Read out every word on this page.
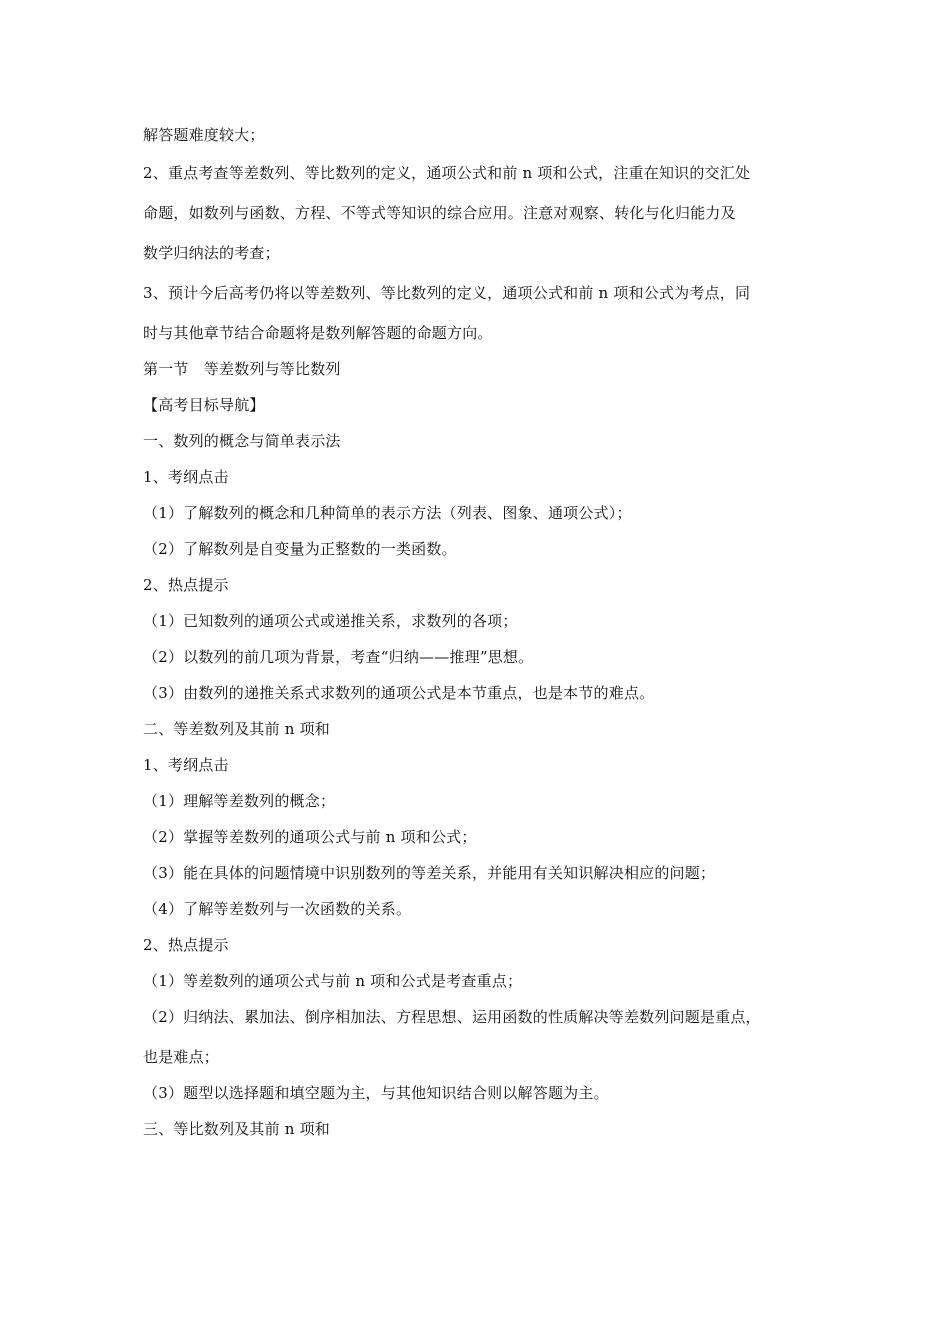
解答题难度较大；
2、重点考查等差数列、等比数列的定义，通项公式和前 n 项和公式，注重在知识的交汇处
命题，如数列与函数、方程、不等式等知识的综合应用。注意对观察、转化与化归能力及
数学归纳法的考查；
3、预计今后高考仍将以等差数列、等比数列的定义，通项公式和前 n 项和公式为考点，同
时与其他章节结合命题将是数列解答题的命题方向。
第一节　等差数列与等比数列
【高考目标导航】
一、数列的概念与简单表示法
1、考纲点击
（1）了解数列的概念和几种简单的表示方法（列表、图象、通项公式）；
（2）了解数列是自变量为正整数的一类函数。
2、热点提示
（1）已知数列的通项公式或递推关系，求数列的各项；
（2）以数列的前几项为背景，考查“归纳——推理”思想。
（3）由数列的递推关系式求数列的通项公式是本节重点，也是本节的难点。
二、等差数列及其前 n 项和
1、考纲点击
（1）理解等差数列的概念；
（2）掌握等差数列的通项公式与前 n 项和公式；
（3）能在具体的问题情境中识别数列的等差关系，并能用有关知识解决相应的问题；
（4）了解等差数列与一次函数的关系。
2、热点提示
（1）等差数列的通项公式与前 n 项和公式是考查重点；
（2）归纳法、累加法、倒序相加法、方程思想、运用函数的性质解决等差数列问题是重点，
也是难点；
（3）题型以选择题和填空题为主，与其他知识结合则以解答题为主。
三、等比数列及其前 n 项和
